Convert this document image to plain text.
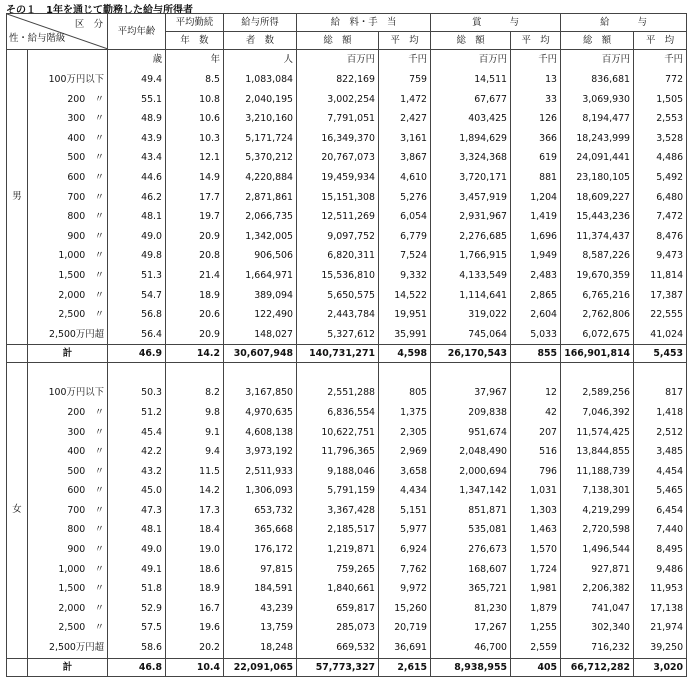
その１　1年を通じて勤務した給与所得者
区　分
性・給与階級		平均年齢	平均勤続	給与所得	給　料・手　当		賞　　　与		給　　　与	
			年　数	者　数	総　額	平　均	総　額	平　均	総　額	平　均
男		歳	年	人	百万円	千円	百万円	千円	百万円	千円
	100万円以下	49.4	8.5	1,083,084	822,169	759	14,511	13	836,681	772
	200　〃	55.1	10.8	2,040,195	3,002,254	1,472	67,677	33	3,069,930	1,505
	300　〃	48.9	10.6	3,210,160	7,791,051	2,427	403,425	126	8,194,477	2,553
	400　〃	43.9	10.3	5,171,724	16,349,370	3,161	1,894,629	366	18,243,999	3,528
	500　〃	43.4	12.1	5,370,212	20,767,073	3,867	3,324,368	619	24,091,441	4,486
	600　〃	44.6	14.9	4,220,884	19,459,934	4,610	3,720,171	881	23,180,105	5,492
	700　〃	46.2	17.7	2,871,861	15,151,308	5,276	3,457,919	1,204	18,609,227	6,480
	800　〃	48.1	19.7	2,066,735	12,511,269	6,054	2,931,967	1,419	15,443,236	7,472
	900　〃	49.0	20.9	1,342,005	9,097,752	6,779	2,276,685	1,696	11,374,437	8,476
	1,000　〃	49.8	20.8	906,506	6,820,311	7,524	1,766,915	1,949	8,587,226	9,473
	1,500　〃	51.3	21.4	1,664,971	15,536,810	9,332	4,133,549	2,483	19,670,359	11,814
	2,000　〃	54.7	18.9	389,094	5,650,575	14,522	1,114,641	2,865	6,765,216	17,387
	2,500　〃	56.8	20.6	122,490	2,443,784	19,951	319,022	2,604	2,762,806	22,555
	2,500万円超	56.4	20.9	148,027	5,327,612	35,991	745,064	5,033	6,072,675	41,024
	計	46.9	14.2	30,607,948	140,731,271	4,598	26,170,543	855	166,901,814	5,453
女										
	100万円以下	50.3	8.2	3,167,850	2,551,288	805	37,967	12	2,589,256	817
	200　〃	51.2	9.8	4,970,635	6,836,554	1,375	209,838	42	7,046,392	1,418
	300　〃	45.4	9.1	4,608,138	10,622,751	2,305	951,674	207	11,574,425	2,512
	400　〃	42.2	9.4	3,973,192	11,796,365	2,969	2,048,490	516	13,844,855	3,485
	500　〃	43.2	11.5	2,511,933	9,188,046	3,658	2,000,694	796	11,188,739	4,454
	600　〃	45.0	14.2	1,306,093	5,791,159	4,434	1,347,142	1,031	7,138,301	5,465
	700　〃	47.3	17.3	653,732	3,367,428	5,151	851,871	1,303	4,219,299	6,454
	800　〃	48.1	18.4	365,668	2,185,517	5,977	535,081	1,463	2,720,598	7,440
	900　〃	49.0	19.0	176,172	1,219,871	6,924	276,673	1,570	1,496,544	8,495
	1,000　〃	49.1	18.6	97,815	759,265	7,762	168,607	1,724	927,871	9,486
	1,500　〃	51.8	18.9	184,591	1,840,661	9,972	365,721	1,981	2,206,382	11,953
	2,000　〃	52.9	16.7	43,239	659,817	15,260	81,230	1,879	741,047	17,138
	2,500　〃	57.5	19.6	13,759	285,073	20,719	17,267	1,255	302,340	21,974
	2,500万円超	58.6	20.2	18,248	669,532	36,691	46,700	2,559	716,232	39,250
	計	46.8	10.4	22,091,065	57,773,327	2,615	8,938,955	405	66,712,282	3,020
